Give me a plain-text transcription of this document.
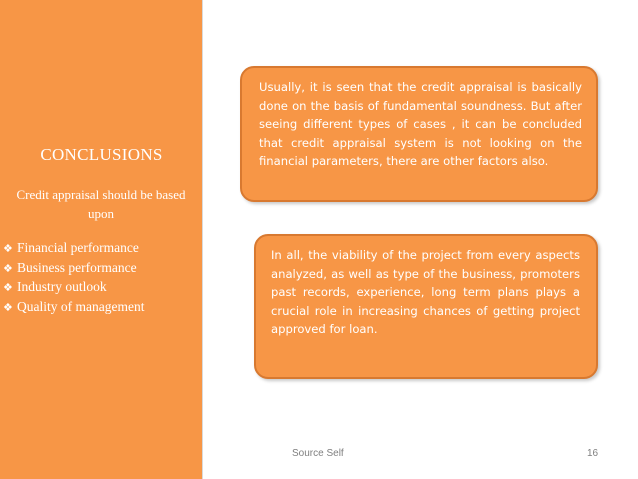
CONCLUSIONS
Credit appraisal should be based upon
❖ Financial performance
❖ Business performance
❖ Industry outlook
❖ Quality of management

Usually, it is seen that the credit appraisal is basically done on the basis of fundamental soundness. But after seeing different types of cases , it can be concluded that credit appraisal system is not looking on the financial parameters, there are other factors also.

In all, the viability of the project from every aspects analyzed, as well as type of the business, promoters past records, experience, long term plans plays a crucial role in increasing chances of getting project approved for loan.

Source Self	16
